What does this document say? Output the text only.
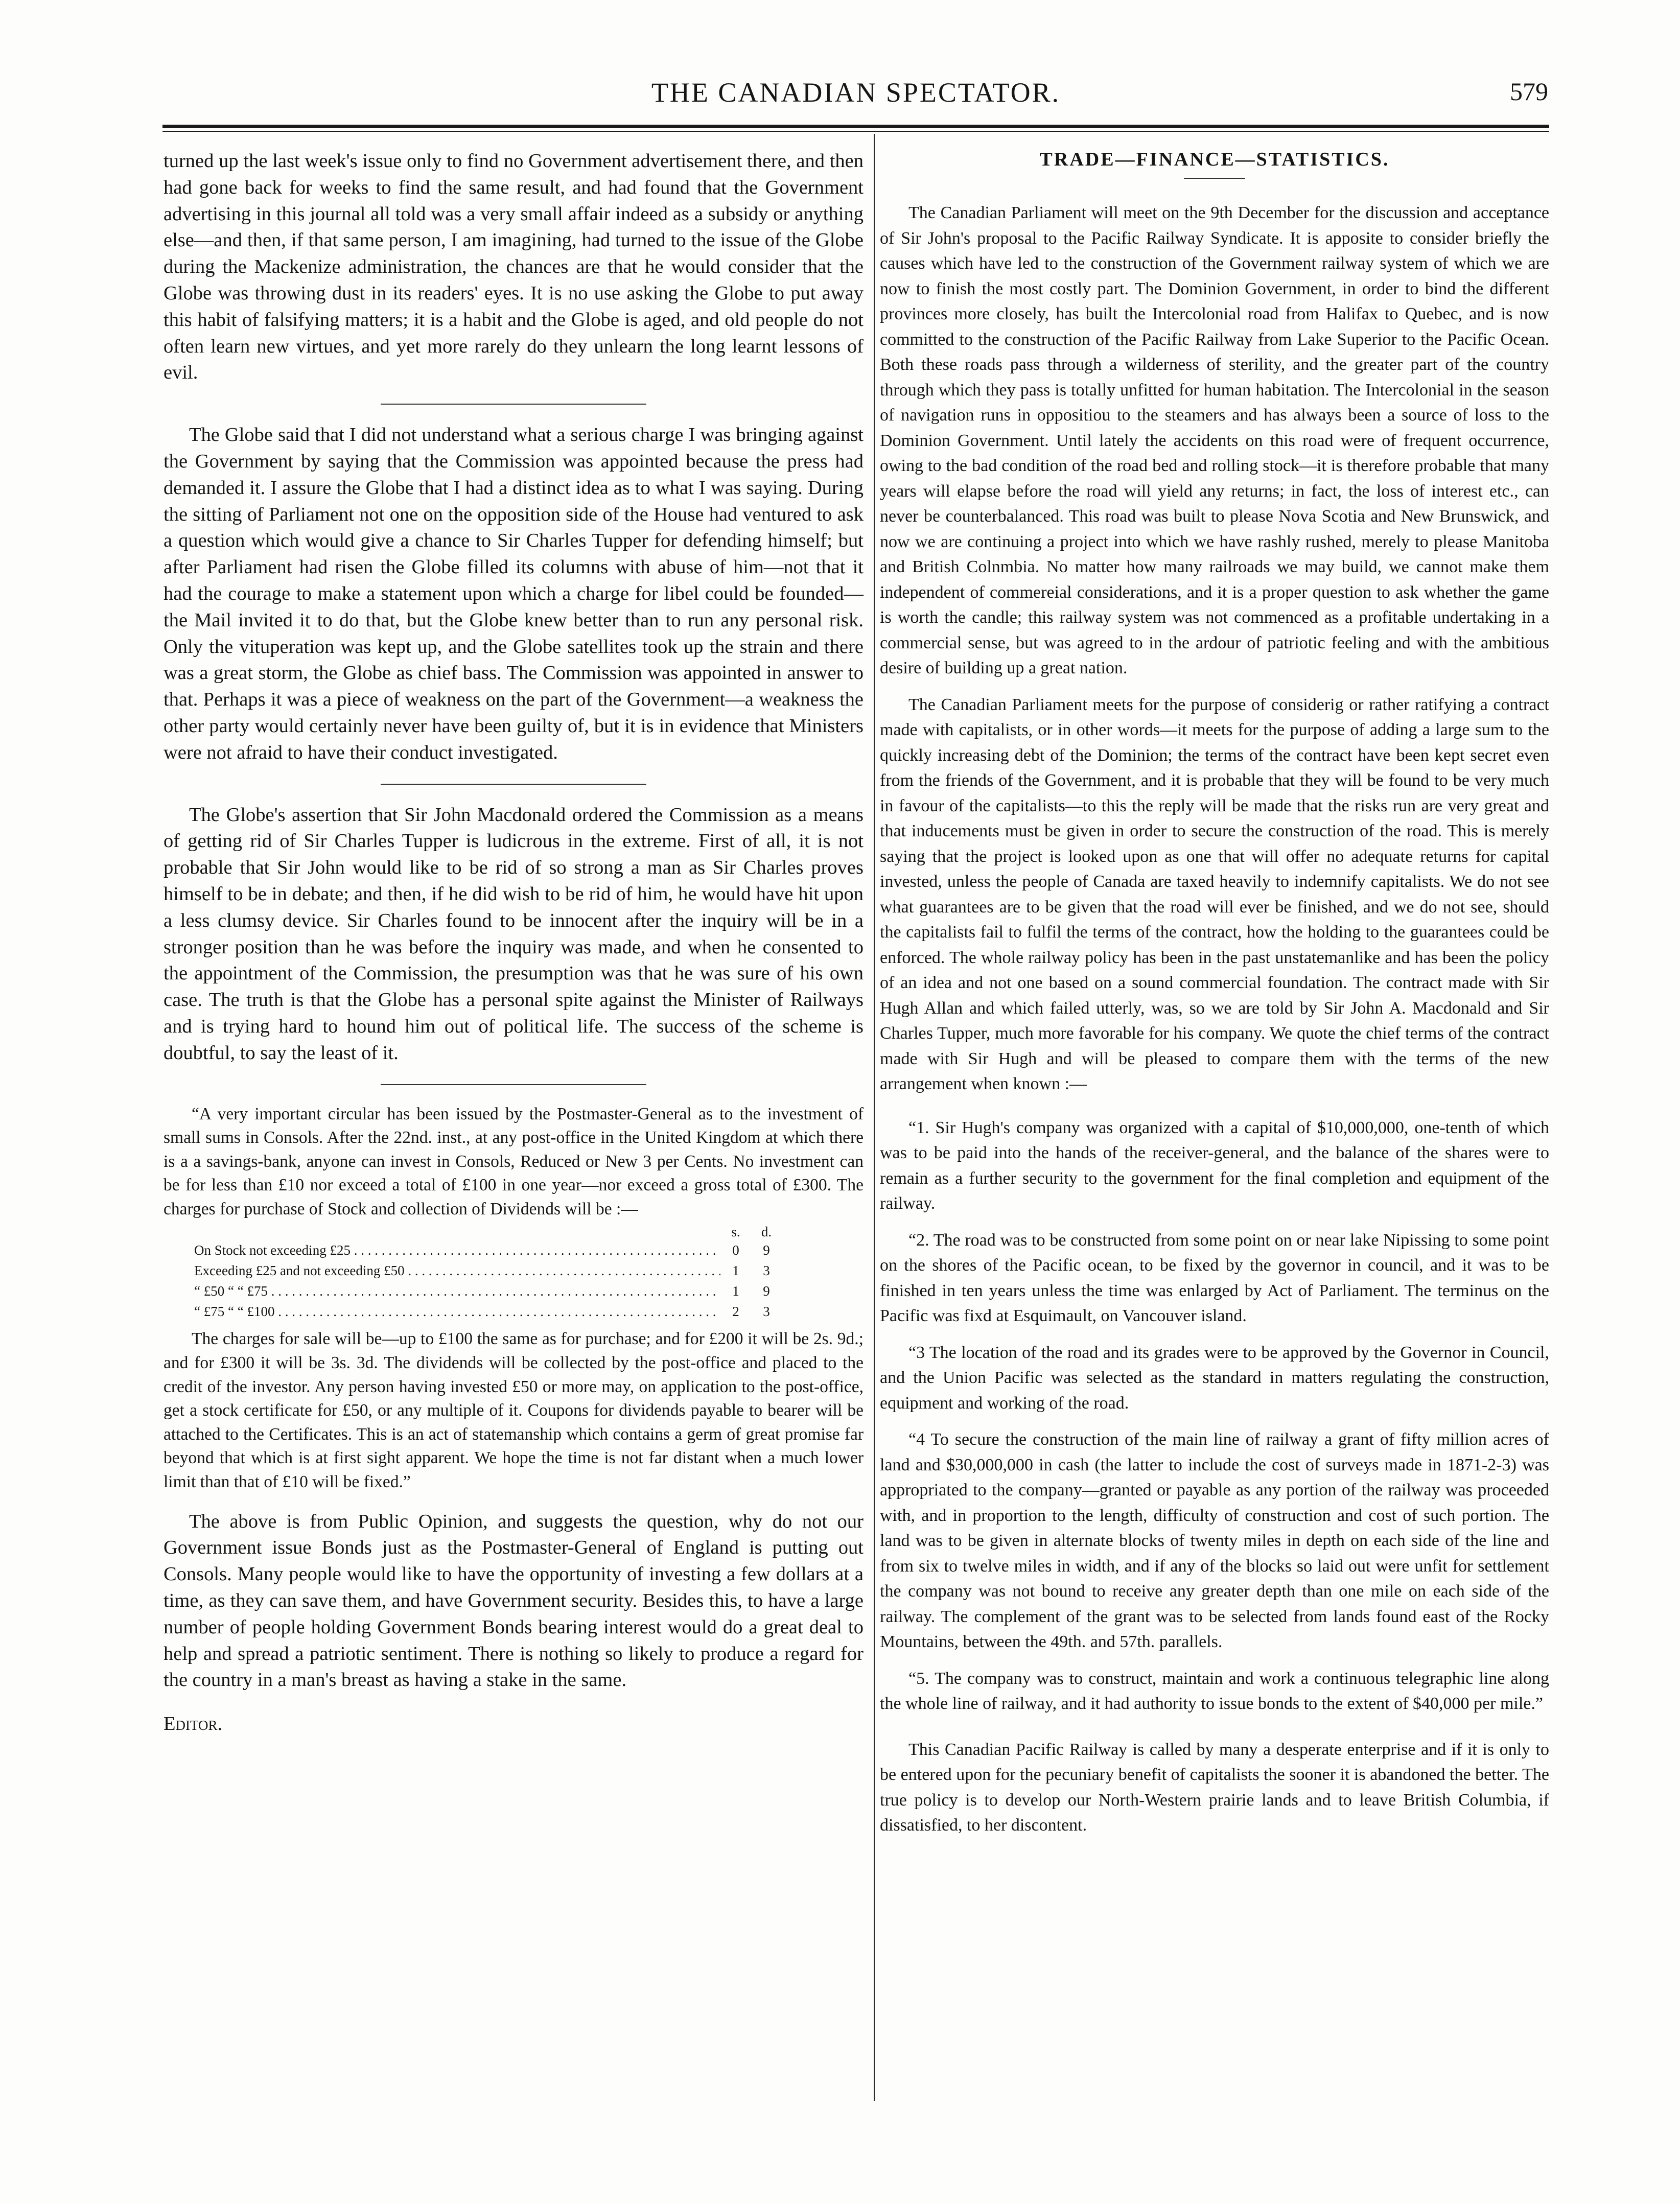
THE CANADIAN SPECTATOR.	579

turned up the last week's issue only to find no Government advertisement there, and then had gone back for weeks to find the same result, and had found that the Government advertising in this journal all told was a very small affair indeed as a subsidy or anything else—and then, if that same person, I am imagining, had turned to the issue of the Globe during the Mackenize administration, the chances are that he would consider that the Globe was throwing dust in its readers' eyes. It is no use asking the Globe to put away this habit of falsifying matters; it is a habit and the Globe is aged, and old people do not often learn new virtues, and yet more rarely do they unlearn the long learnt lessons of evil.

The Globe said that I did not understand what a serious charge I was bringing against the Government by saying that the Commission was appointed because the press had demanded it. I assure the Globe that I had a distinct idea as to what I was saying. During the sitting of Parliament not one on the opposition side of the House had ventured to ask a question which would give a chance to Sir Charles Tupper for defending himself; but after Parliament had risen the Globe filled its columns with abuse of him—not that it had the courage to make a statement upon which a charge for libel could be founded—the Mail invited it to do that, but the Globe knew better than to run any personal risk. Only the vituperation was kept up, and the Globe satellites took up the strain and there was a great storm, the Globe as chief bass. The Commission was appointed in answer to that. Perhaps it was a piece of weakness on the part of the Government—a weakness the other party would certainly never have been guilty of, but it is in evidence that Ministers were not afraid to have their conduct investigated.

The Globe's assertion that Sir John Macdonald ordered the Commission as a means of getting rid of Sir Charles Tupper is ludicrous in the extreme. First of all, it is not probable that Sir John would like to be rid of so strong a man as Sir Charles proves himself to be in debate; and then, if he did wish to be rid of him, he would have hit upon a less clumsy device. Sir Charles found to be innocent after the inquiry will be in a stronger position than he was before the inquiry was made, and when he consented to the appointment of the Commission, the presumption was that he was sure of his own case. The truth is that the Globe has a personal spite against the Minister of Railways and is trying hard to hound him out of political life. The success of the scheme is doubtful, to say the least of it.

“A very important circular has been issued by the Postmaster-General as to the investment of small sums in Consols. After the 22nd. inst., at any post-office in the United Kingdom at which there is a a savings-bank, anyone can invest in Consols, Reduced or New 3 per Cents. No investment can be for less than £10 nor exceed a total of £100 in one year—nor exceed a gross total of £300. The charges for purchase of Stock and collection of Dividends will be :—

s.	d.
On Stock not exceeding £25 . . .	0	9
Exceeding £25 and not exceeding £50 . . .	1	3
“ £50 “ “ £75 . . .	1	9
“ £75 “ “ £100 . . .	2	3

The charges for sale will be—up to £100 the same as for purchase; and for £200 it will be 2s. 9d.; and for £300 it will be 3s. 3d. The dividends will be collected by the post-office and placed to the credit of the investor. Any person having invested £50 or more may, on application to the post-office, get a stock certificate for £50, or any multiple of it. Coupons for dividends payable to bearer will be attached to the Certificates. This is an act of statemanship which contains a germ of great promise far beyond that which is at first sight apparent. We hope the time is not far distant when a much lower limit than that of £10 will be fixed.”

The above is from Public Opinion, and suggests the question, why do not our Government issue Bonds just as the Postmaster-General of England is putting out Consols. Many people would like to have the opportunity of investing a few dollars at a time, as they can save them, and have Government security. Besides this, to have a large number of people holding Government Bonds bearing interest would do a great deal to help and spread a patriotic sentiment. There is nothing so likely to produce a regard for the country in a man's breast as having a stake in the same.

Editor.

TRADE—FINANCE—STATISTICS.

The Canadian Parliament will meet on the 9th December for the discussion and acceptance of Sir John's proposal to the Pacific Railway Syndicate. It is apposite to consider briefly the causes which have led to the construction of the Government railway system of which we are now to finish the most costly part. The Dominion Government, in order to bind the different provinces more closely, has built the Intercolonial road from Halifax to Quebec, and is now committed to the construction of the Pacific Railway from Lake Superior to the Pacific Ocean. Both these roads pass through a wilderness of sterility, and the greater part of the country through which they pass is totally unfitted for human habitation. The Intercolonial in the season of navigation runs in oppositiou to the steamers and has always been a source of loss to the Dominion Government. Until lately the accidents on this road were of frequent occurrence, owing to the bad condition of the road bed and rolling stock—it is therefore probable that many years will elapse before the road will yield any returns; in fact, the loss of interest etc., can never be counterbalanced. This road was built to please Nova Scotia and New Brunswick, and now we are continuing a project into which we have rashly rushed, merely to please Manitoba and British Colnmbia. No matter how many railroads we may build, we cannot make them independent of commereial considerations, and it is a proper question to ask whether the game is worth the candle; this railway system was not commenced as a profitable undertaking in a commercial sense, but was agreed to in the ardour of patriotic feeling and with the ambitious desire of building up a great nation.

The Canadian Parliament meets for the purpose of considerig or rather ratifying a contract made with capitalists, or in other words—it meets for the purpose of adding a large sum to the quickly increasing debt of the Dominion; the terms of the contract have been kept secret even from the friends of the Government, and it is probable that they will be found to be very much in favour of the capitalists—to this the reply will be made that the risks run are very great and that inducements must be given in order to secure the construction of the road. This is merely saying that the project is looked upon as one that will offer no adequate returns for capital invested, unless the people of Canada are taxed heavily to indemnify capitalists. We do not see what guarantees are to be given that the road will ever be finished, and we do not see, should the capitalists fail to fulfil the terms of the contract, how the holding to the guarantees could be enforced. The whole railway policy has been in the past unstatemanlike and has been the policy of an idea and not one based on a sound commercial foundation. The contract made with Sir Hugh Allan and which failed utterly, was, so we are told by Sir John A. Macdonald and Sir Charles Tupper, much more favorable for his company. We quote the chief terms of the contract made with Sir Hugh and will be pleased to compare them with the terms of the new arrangement when known :—

“1. Sir Hugh's company was organized with a capital of $10,000,000, one-tenth of which was to be paid into the hands of the receiver-general, and the balance of the shares were to remain as a further security to the government for the final completion and equipment of the railway.

“2. The road was to be constructed from some point on or near lake Nipissing to some point on the shores of the Pacific ocean, to be fixed by the governor in council, and it was to be finished in ten years unless the time was enlarged by Act of Parliament. The terminus on the Pacific was fixd at Esquimault, on Vancouver island.

“3 The location of the road and its grades were to be approved by the Governor in Council, and the Union Pacific was selected as the standard in matters regulating the construction, equipment and working of the road.

“4 To secure the construction of the main line of railway a grant of fifty million acres of land and $30,000,000 in cash (the latter to include the cost of surveys made in 1871-2-3) was appropriated to the company—granted or payable as any portion of the railway was proceeded with, and in proportion to the length, difficulty of construction and cost of such portion. The land was to be given in alternate blocks of twenty miles in depth on each side of the line and from six to twelve miles in width, and if any of the blocks so laid out were unfit for settlement the company was not bound to receive any greater depth than one mile on each side of the railway. The complement of the grant was to be selected from lands found east of the Rocky Mountains, between the 49th. and 57th. parallels.

“5. The company was to construct, maintain and work a continuous telegraphic line along the whole line of railway, and it had authority to issue bonds to the extent of $40,000 per mile.”

This Canadian Pacific Railway is called by many a desperate enterprise and if it is only to be entered upon for the pecuniary benefit of capitalists the sooner it is abandoned the better. The true policy is to develop our North-Western prairie lands and to leave British Columbia, if dissatisfied, to her discontent.
